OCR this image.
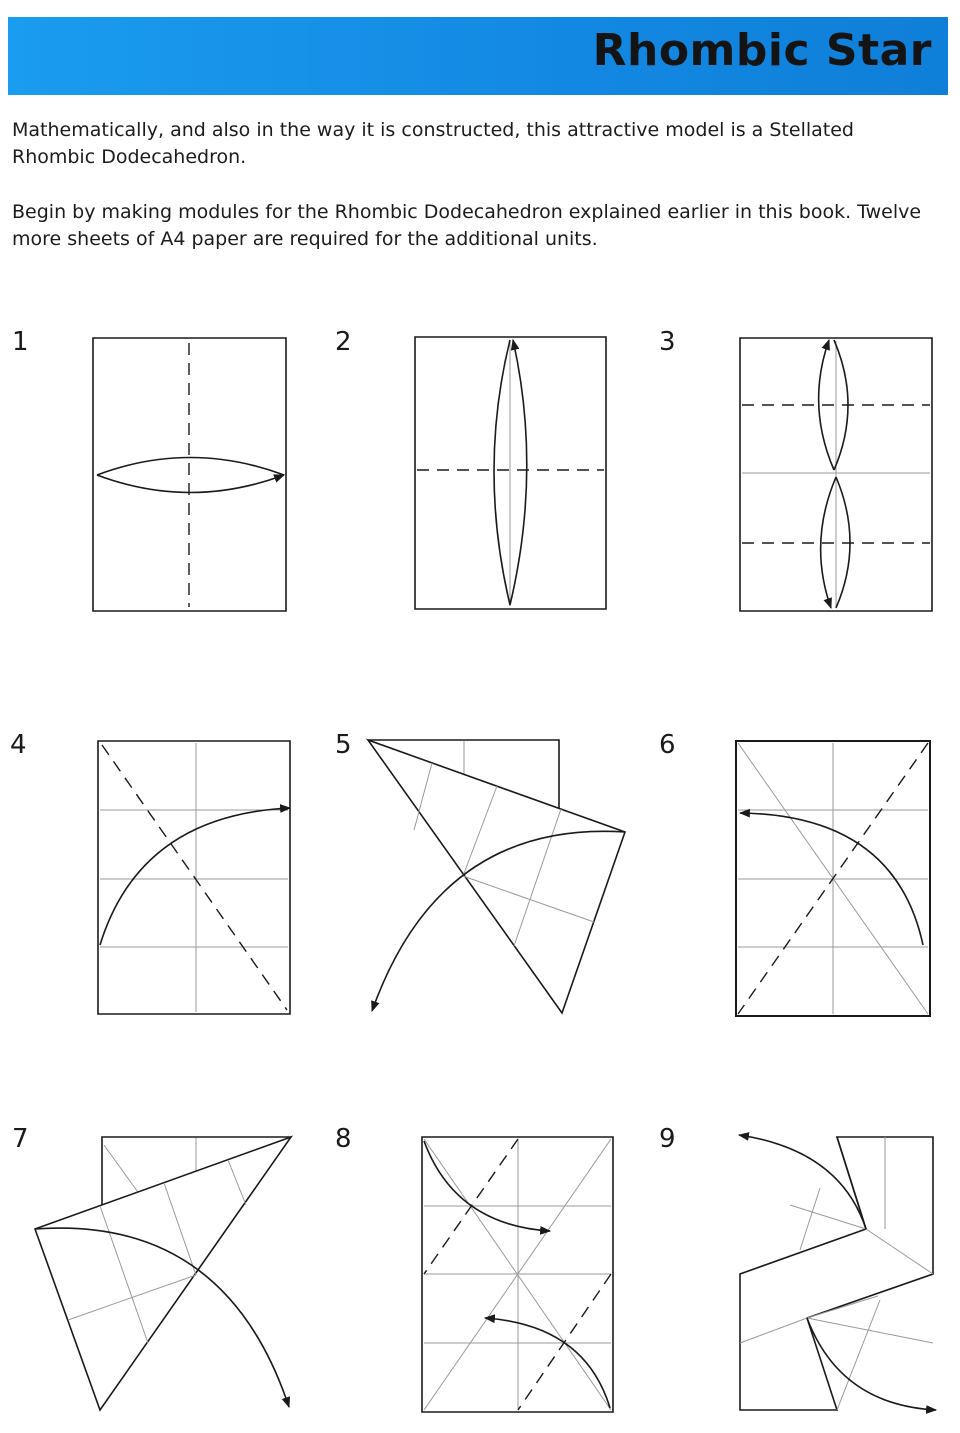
Rhombic Star

Mathematically, and also in the way it is constructed, this attractive model is a Stellated Rhombic Dodecahedron.

Begin by making modules for the Rhombic Dodecahedron explained earlier in this book. Twelve more sheets of A4 paper are required for the additional units.

1	2	3
4	5	6
7	8	9
